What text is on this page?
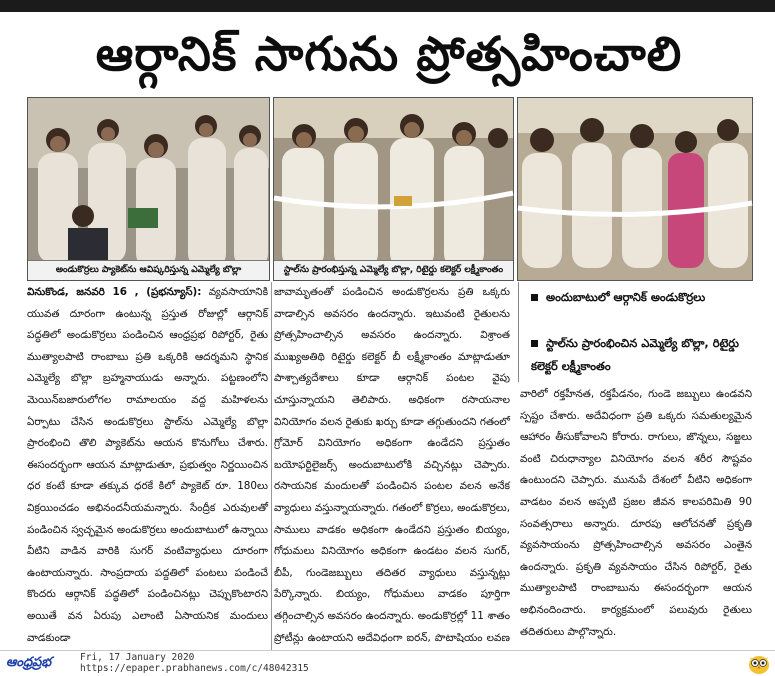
ఆర్గానిక్ సాగును ప్రోత్సహించాలి
అండుకొర్రలు ప్యాకెట్‌ను ఆవిష్కరిస్తున్న ఎమ్మెల్యే బొల్లా	స్టాల్‌ను ప్రారంభిస్తున్న ఎమ్మెల్యే బొల్లా, రిటైర్డు కలెక్టర్ లక్ష్మీకాంతం
వినుకొండ, జనవరి 16 , (ప్రభన్యూస్): వ్యవసాయానికి యువత దూరంగా ఉంటున్న ప్రస్తుత రోజుల్లో ఆర్గానిక్ పద్ధతిలో అండుకొర్రలు పండించిన ఆంధ్రప్రభ రిపోర్టర్, రైతు ముత్యాలపాటి రాంబాబు ప్రతి ఒక్కరికి ఆదర్శమని స్థానిక ఎమ్మెల్యే బొల్లా బ్రహ్మనాయుడు అన్నారు. పట్టణంలోని మెయిన్‌బజారులోగల రామాలయం వద్ద మహిళలను ఏర్పాటు చేసిన అండుకొర్రలు స్టాల్‌ను ఎమ్మెల్యే బొల్లా ప్రారంభించి తొలి ప్యాకెట్‌ను ఆయన కొనుగోలు చేశారు. ఈసందర్భంగా ఆయన మాట్లాడుతూ, ప్రభుత్వం నిర్ణయించిన ధర కంటే కూడా తక్కువ ధరకే కిలో ప్యాకెట్ రూ. 180లు విక్రయించడం అభినందనీయమన్నారు. సేంద్రీక ఎరువులతో పండించిన స్వచ్ఛమైన అండుకొర్రలు అందుబాటులో ఉన్నాయి వీటిని వాడిన వారికి సుగర్ వంటివ్యాధులు దూరంగా ఉంటాయన్నారు. సాంప్రదాయ పద్దతిలో పంటలు పండించే కొందరు ఆర్గానిక్ పద్ధతిలో పండించినట్లు చెప్పుకొంటారని అయితే వన ఏరుపు ఎలాంటి ఏసాయనిక మందులు వాడకుండా
జావామృతంతో పండించిన అండుకొర్రలను ప్రతి ఒక్కరు వాడాల్సిన అవసరం ఉందన్నారు. ఇటువంటి రైతులను ప్రోత్సహించాల్సిన అవసరం ఉందన్నారు. విశ్రాంత ముఖ్యఅతిథి రిటైర్డు కలెక్టర్ బీ లక్ష్మీకాంతం మాట్లాడుతూ పాశ్చాత్యదేశాలు కూడా ఆర్గానిక్ పంటల వైపు చూస్తున్నాయని తెలిపారు. అధికంగా రసాయనాల వినియోగం వలన రైతుకు ఖర్చు కూడా తగ్గుతుందని గతంలో గ్రోమోర్ వినియోగం అధికంగా ఉండేదని ప్రస్తుతం బయోఫర్టిలైజర్స్ అందుబాటులోకి వచ్చినట్లు చెప్పారు. రసాయనిక మందులతో పండించిన పంటల వలన అనేక వ్యాధులు వస్తున్నాయన్నారు. గతంలో కొర్రలు, అండుకొర్రలు, సాములు వాడకం అధికంగా ఉండేదని ప్రస్తుతం బియ్యం, గోధుమలు వినియోగం అధికంగా ఉండటం వలన సుగర్, బీపీ, గుండెజబ్బులు తదితర వ్యాధులు వస్తున్నట్లు పేర్కొన్నారు. బియ్యం, గోధుమలు వాడకం పూర్తిగా తగ్గించాల్సిన అవసరం ఉందన్నారు. అండుకొర్రల్లో 11 శాతం ప్రోటీన్లు ఉంటాయని అదేవిధంగా ఐరన్, పొటాషియం లవణ
అందుబాటులో ఆర్గానిక్ అండుకొర్రలు
స్టాల్‌ను ప్రారంభించిన ఎమ్మెల్యే బొల్లా, రిటైర్డు కలెక్టర్ లక్ష్మీకాంతం
వారిలో రక్తహీనత, రక్తపీడనం, గుండె జబ్బులు ఉండవని స్పష్టం చేశారు. అదేవిధంగా ప్రతి ఒక్కరు సమతుల్యమైన ఆహారం తీసుకోవాలని కోరారు. రాగులు, జొన్నలు, సజ్జలు వంటి చిరుధాన్యాల వినియోగం వలన శరీర సౌష్టవం ఉంటుందని చెప్పారు. మునుపే దేశంలో వీటిని అధికంగా వాడటం వలన అప్పటి ప్రజల జీవన కాలపరిమితి 90 సంవత్సరాలు అన్నారు. దూరపు ఆలోచనతో ప్రకృతి వ్యవసాయంను ప్రోత్సహించాల్సిన అవసరం ఎంతైన ఉందన్నారు. ప్రకృతి వ్యవసాయం చేసిన రిపోర్టర్, రైతు ముత్యాలపాటి రాంబాబును ఈసందర్భంగా ఆయన అభినందించారు. కార్యక్రమంలో పలువురు రైతులు తదితరులు పాల్గొన్నారు.
ఆంధ్రప్రభ	Fri, 17 January 2020
https://epaper.prabhanews.com/c/48042315
